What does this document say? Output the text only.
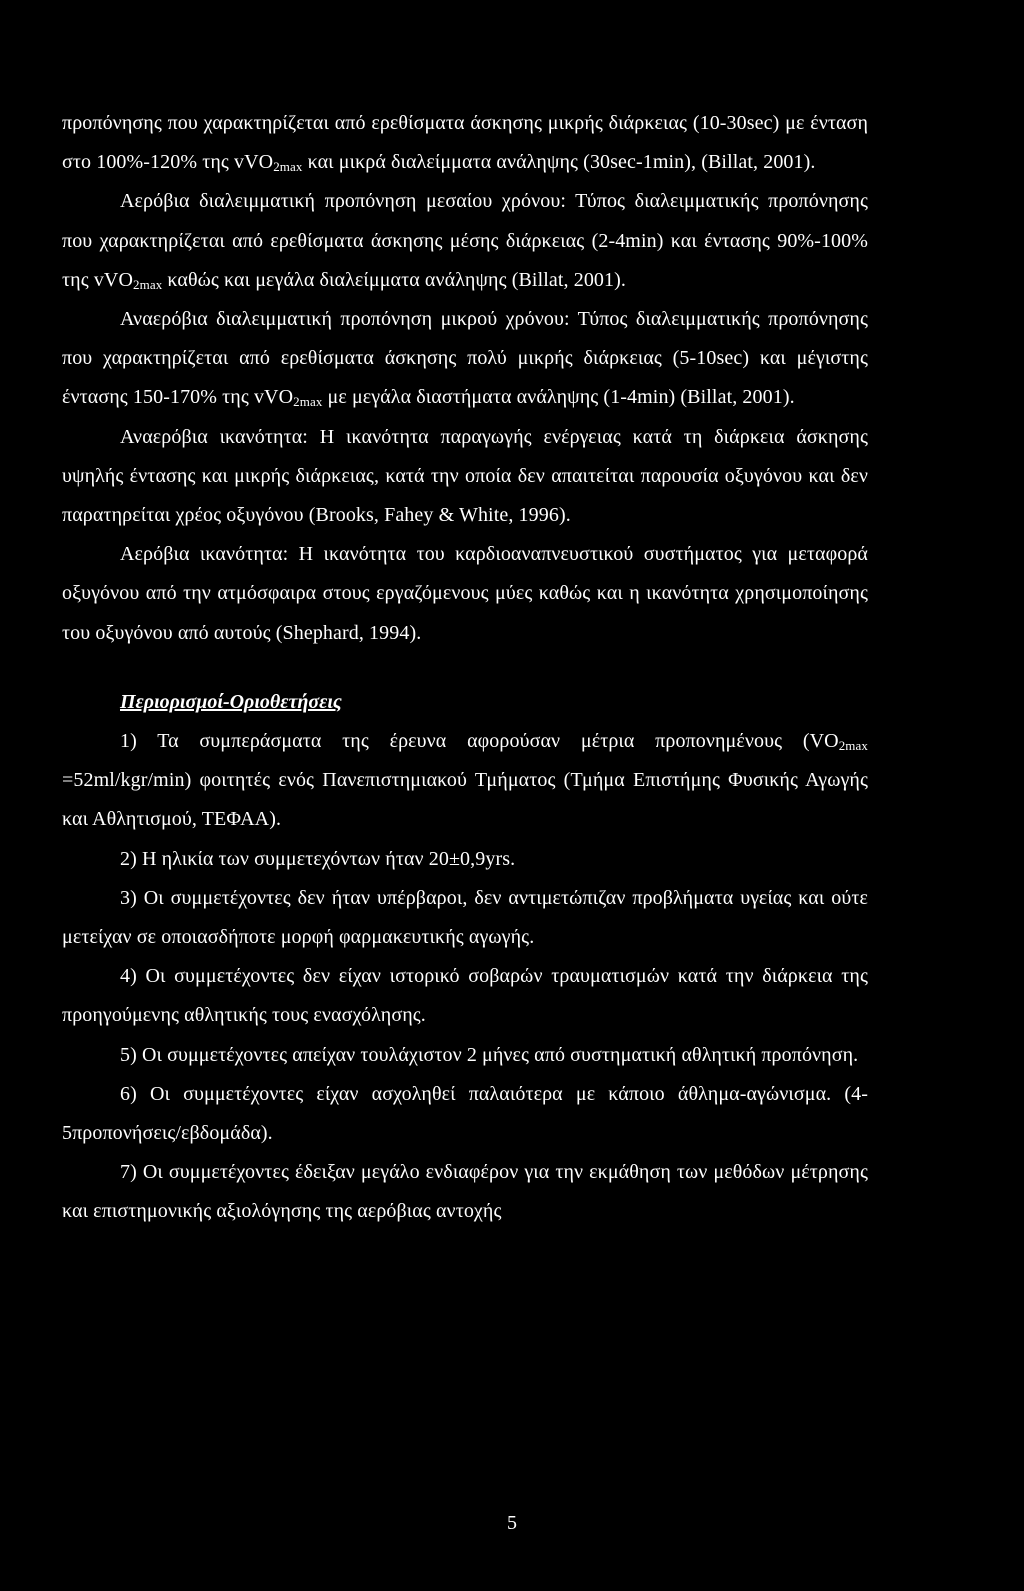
προπόνησης που χαρακτηρίζεται από ερεθίσματα άσκησης μικρής διάρκειας (10-30sec) με ένταση στο 100%-120% της vVO$_{2max}$ και μικρά διαλείμματα ανάληψης (30sec-1min), (Billat, 2001).

Αερόβια διαλειμματική προπόνηση μεσαίου χρόνου: Τύπος διαλειμματικής προπόνησης που χαρακτηρίζεται από ερεθίσματα άσκησης μέσης διάρκειας (2-4min) και έντασης 90%-100% της vVO$_{2max}$ καθώς και μεγάλα διαλείμματα ανάληψης (Billat, 2001).

Αναερόβια διαλειμματική προπόνηση μικρού χρόνου: Τύπος διαλειμματικής προπόνησης που χαρακτηρίζεται από ερεθίσματα άσκησης πολύ μικρής διάρκειας (5-10sec) και μέγιστης έντασης 150-170% της vVO$_{2max}$ με μεγάλα διαστήματα ανάληψης (1-4min) (Billat, 2001).

Αναερόβια ικανότητα: Η ικανότητα παραγωγής ενέργειας κατά τη διάρκεια άσκησης υψηλής έντασης και μικρής διάρκειας, κατά την οποία δεν απαιτείται παρουσία οξυγόνου και δεν παρατηρείται χρέος οξυγόνου (Brooks, Fahey & White, 1996).

Αερόβια ικανότητα: Η ικανότητα του καρδιοαναπνευστικού συστήματος για μεταφορά οξυγόνου από την ατμόσφαιρα στους εργαζόμενους μύες καθώς και η ικανότητα χρησιμοποίησης του οξυγόνου από αυτούς (Shephard, 1994).

Περιορισμοί-Οριοθετήσεις

1) Τα συμπεράσματα της έρευνα αφορούσαν μέτρια προπονημένους $(VO_{2max} =52ml/kgr/\min)$ φοιτητές ενός Πανεπιστημιακού Τμήματος (Τμήμα Επιστήμης Φυσικής Αγωγής και Αθλητισμού, ΤΕΦΑΑ).

2) Η ηλικία των συμμετεχόντων ήταν 20±0,9yrs.

3) Οι συμμετέχοντες δεν ήταν υπέρβαροι, δεν αντιμετώπιζαν προβλήματα υγείας και ούτε μετείχαν σε οποιασδήποτε μορφή φαρμακευτικής αγωγής.

4) Οι συμμετέχοντες δεν είχαν ιστορικό σοβαρών τραυματισμών κατά την διάρκεια της προηγούμενης αθλητικής τους ενασχόλησης.

5) Οι συμμετέχοντες απείχαν τουλάχιστον 2 μήνες από συστηματική αθλητική προπόνηση.

6) Οι συμμετέχοντες είχαν ασχοληθεί παλαιότερα με κάποιο άθλημα-αγώνισμα. (4-5προπονήσεις/εβδομάδα).

7) Οι συμμετέχοντες έδειξαν μεγάλο ενδιαφέρον για την εκμάθηση των μεθόδων μέτρησης και επιστημονικής αξιολόγησης της αερόβιας αντοχής

5
